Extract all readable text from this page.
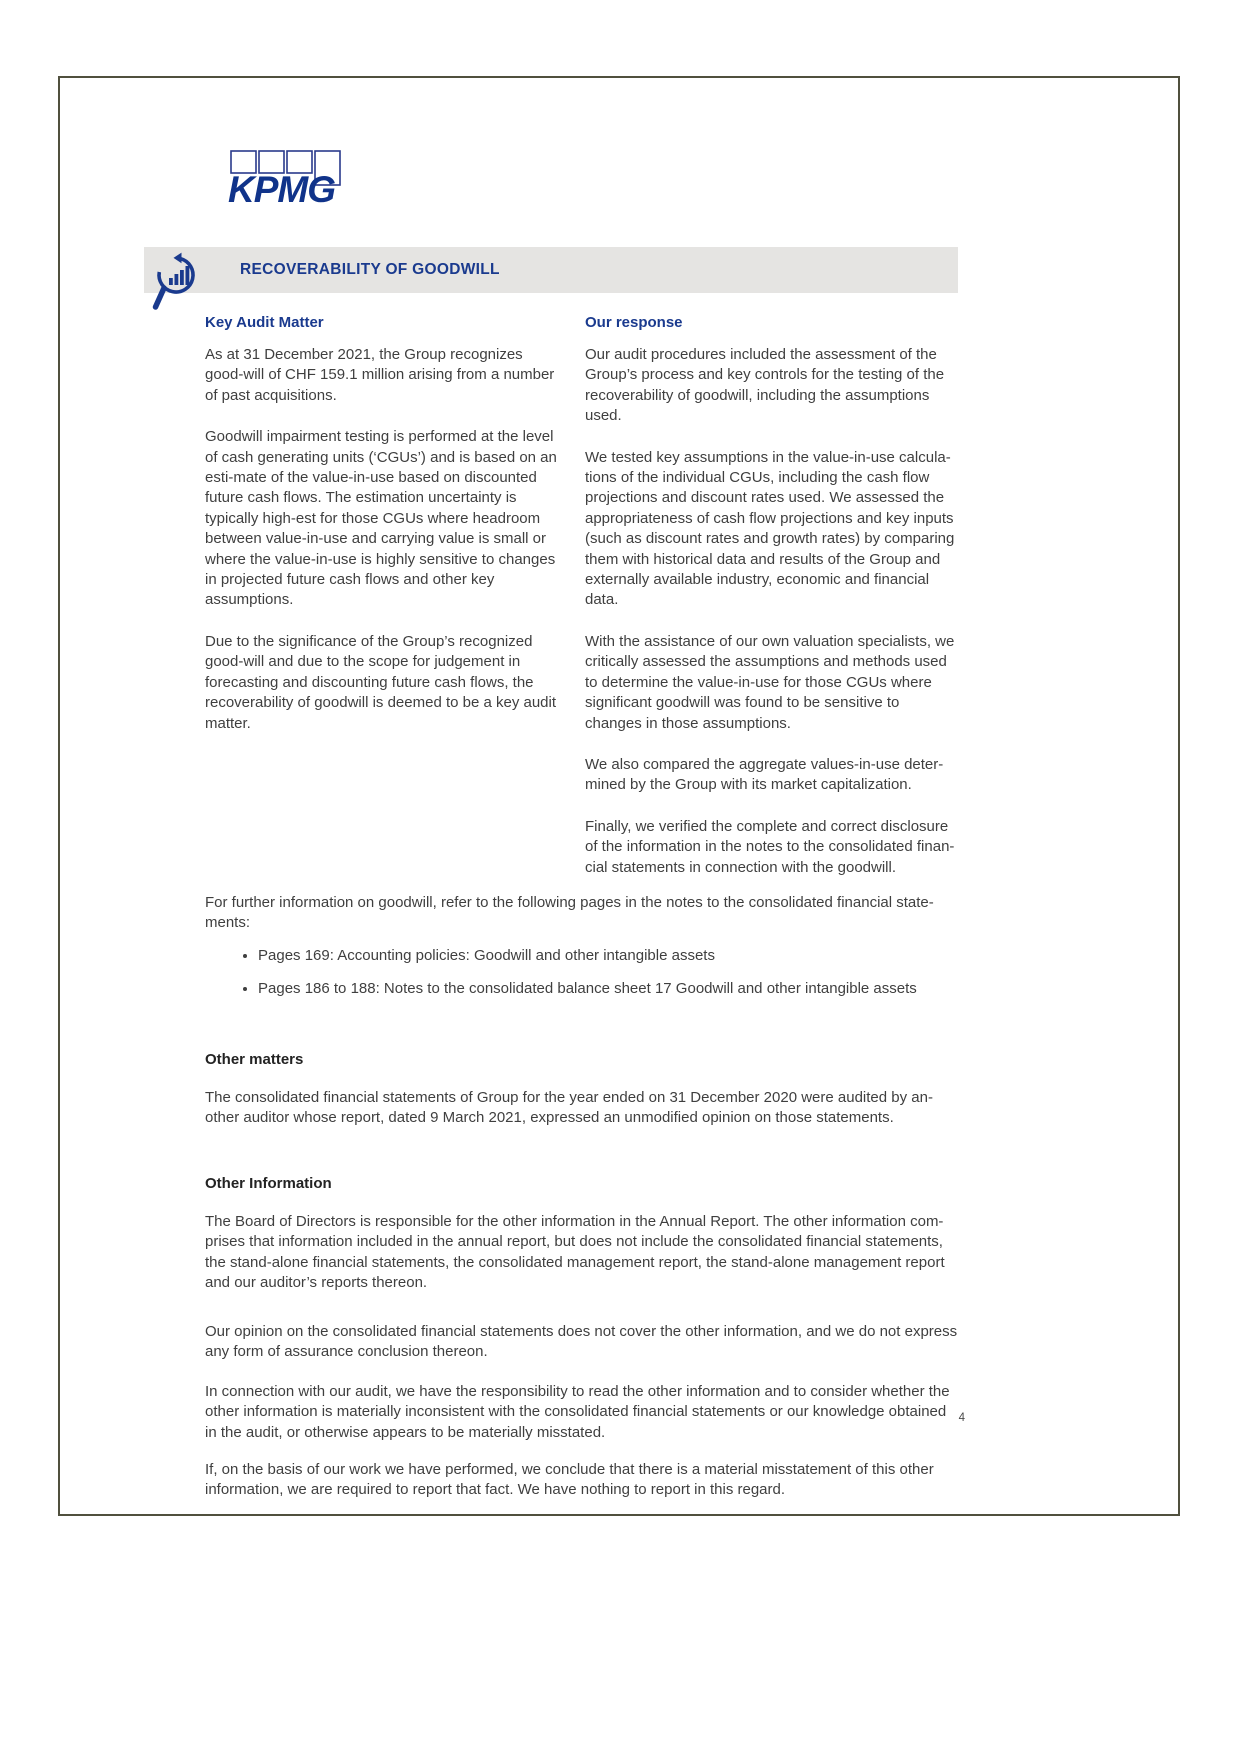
KPMG
RECOVERABILITY OF GOODWILL
Key Audit Matter

As at 31 December 2021, the Group recognizes good-will of CHF 159.1 million arising from a number of past acquisitions.

Goodwill impairment testing is performed at the level of cash generating units (‘CGUs’) and is based on an esti-mate of the value-in-use based on discounted future cash flows. The estimation uncertainty is typically high-est for those CGUs where headroom between value-in-use and carrying value is small or where the value-in-use is highly sensitive to changes in projected future cash flows and other key assumptions.

Due to the significance of the Group’s recognized good-will and due to the scope for judgement in forecasting and discounting future cash flows, the recoverability of goodwill is deemed to be a key audit matter.

Our response

Our audit procedures included the assessment of the Group’s process and key controls for the testing of the recoverability of goodwill, including the assumptions used.

We tested key assumptions in the value-in-use calcula-tions of the individual CGUs, including the cash flow projections and discount rates used. We assessed the appropriateness of cash flow projections and key inputs (such as discount rates and growth rates) by comparing them with historical data and results of the Group and externally available industry, economic and financial data.

With the assistance of our own valuation specialists, we critically assessed the assumptions and methods used to determine the value-in-use for those CGUs where significant goodwill was found to be sensitive to changes in those assumptions.

We also compared the aggregate values-in-use deter-mined by the Group with its market capitalization.

Finally, we verified the complete and correct disclosure of the information in the notes to the consolidated finan-cial statements in connection with the goodwill.

For further information on goodwill, refer to the following pages in the notes to the consolidated financial state-ments:

• Pages 169: Accounting policies: Goodwill and other intangible assets
• Pages 186 to 188: Notes to the consolidated balance sheet 17 Goodwill and other intangible assets
Other matters

The consolidated financial statements of Group for the year ended on 31 December 2020 were audited by an-other auditor whose report, dated 9 March 2021, expressed an unmodified opinion on those statements.

Other Information

The Board of Directors is responsible for the other information in the Annual Report. The other information com-prises that information included in the annual report, but does not include the consolidated financial statements, the stand-alone financial statements, the consolidated management report, the stand-alone management report and our auditor’s reports thereon.

Our opinion on the consolidated financial statements does not cover the other information, and we do not express any form of assurance conclusion thereon.

In connection with our audit, we have the responsibility to read the other information and to consider whether the other information is materially inconsistent with the consolidated financial statements or our knowledge obtained in the audit, or otherwise appears to be materially misstated.

If, on the basis of our work we have performed, we conclude that there is a material misstatement of this other information, we are required to report that fact. We have nothing to report in this regard.

4
